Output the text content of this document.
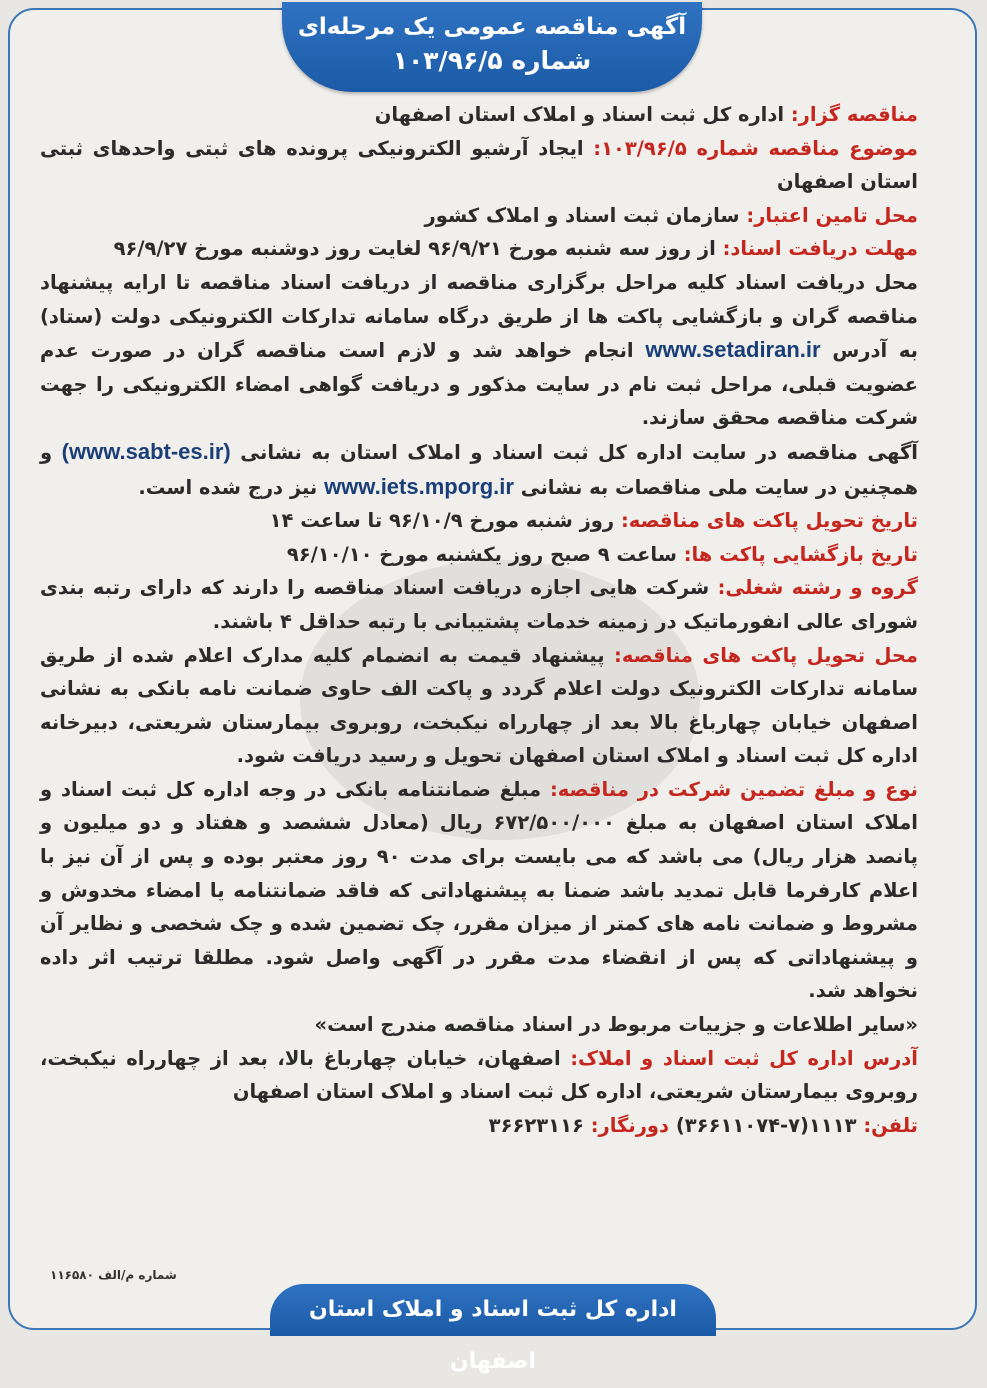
آگهی مناقصه عمومی یک مرحله‌ای
شماره ۱۰۳/۹۶/۵

مناقصه گزار: اداره کل ثبت اسناد و املاک استان اصفهان

موضوع مناقصه شماره ۱۰۳/۹۶/۵: ایجاد آرشیو الکترونیکی پرونده های ثبتی واحدهای ثبتی استان اصفهان

محل تامین اعتبار: سازمان ثبت اسناد و املاک کشور

مهلت دریافت اسناد: از روز سه شنبه مورخ ۹۶/۹/۲۱ لغایت روز دوشنبه مورخ ۹۶/۹/۲۷

محل دریافت اسناد کلیه مراحل برگزاری مناقصه از دریافت اسناد مناقصه تا ارایه پیشنهاد مناقصه گران و بازگشایی پاکت ها از طریق درگاه سامانه تدارکات الکترونیکی دولت (ستاد) به آدرس www.setadiran.ir انجام خواهد شد و لازم است مناقصه گران در صورت عدم عضویت قبلی، مراحل ثبت نام در سایت مذکور و دریافت گواهی امضاء الکترونیکی را جهت شرکت مناقصه محقق سازند.

آگهی مناقصه در سایت اداره کل ثبت اسناد و املاک استان به نشانی (www.sabt-es.ir) و همچنین در سایت ملی مناقصات به نشانی www.iets.mporg.ir نیز درج شده است.

تاریخ تحویل پاکت های مناقصه: روز شنبه مورخ ۹۶/۱۰/۹ تا ساعت ۱۴

تاریخ بازگشایی پاکت ها: ساعت ۹ صبح روز یکشنبه مورخ ۹۶/۱۰/۱۰

گروه و رشته شغلی: شرکت هایی اجازه دریافت اسناد مناقصه را دارند که دارای رتبه بندی شورای عالی انفورماتیک در زمینه خدمات پشتیبانی با رتبه حداقل ۴ باشند.

محل تحویل پاکت های مناقصه: پیشنهاد قیمت به انضمام کلیه مدارک اعلام شده از طریق سامانه تدارکات الکترونیک دولت اعلام گردد و پاکت الف حاوی ضمانت نامه بانکی به نشانی اصفهان خیابان چهارباغ بالا بعد از چهارراه نیکبخت، روبروی بیمارستان شریعتی، دبیرخانه اداره کل ثبت اسناد و املاک استان اصفهان تحویل و رسید دریافت شود.

نوع و مبلغ تضمین شرکت در مناقصه: مبلغ ضمانتنامه بانکی در وجه اداره کل ثبت اسناد و املاک استان اصفهان به مبلغ ۶۷۲/۵۰۰/۰۰۰ ریال (معادل ششصد و هفتاد و دو میلیون و پانصد هزار ریال) می باشد که می بایست برای مدت ۹۰ روز معتبر بوده و پس از آن نیز با اعلام کارفرما قابل تمدید باشد ضمنا به پیشنهاداتی که فاقد ضمانتنامه یا امضاء مخدوش و مشروط و ضمانت نامه های کمتر از میزان مقرر، چک تضمین شده و چک شخصی و نظایر آن و پیشنهاداتی که پس از انقضاء مدت مقرر در آگهی واصل شود. مطلقا ترتیب اثر داده نخواهد شد.

«سایر اطلاعات و جزییات مربوط در اسناد مناقصه مندرج است»

آدرس اداره کل ثبت اسناد و املاک: اصفهان، خیابان چهارباغ بالا، بعد از چهارراه نیکبخت، روبروی بیمارستان شریعتی، اداره کل ثبت اسناد و املاک استان اصفهان

تلفن: ۱۱۱۳(۷-۳۶۶۱۱۰۷۴) دورنگار: ۳۶۶۲۳۱۱۶

شماره م/الف ۱۱۶۵۸۰
اداره کل ثبت اسناد و املاک استان اصفهان
